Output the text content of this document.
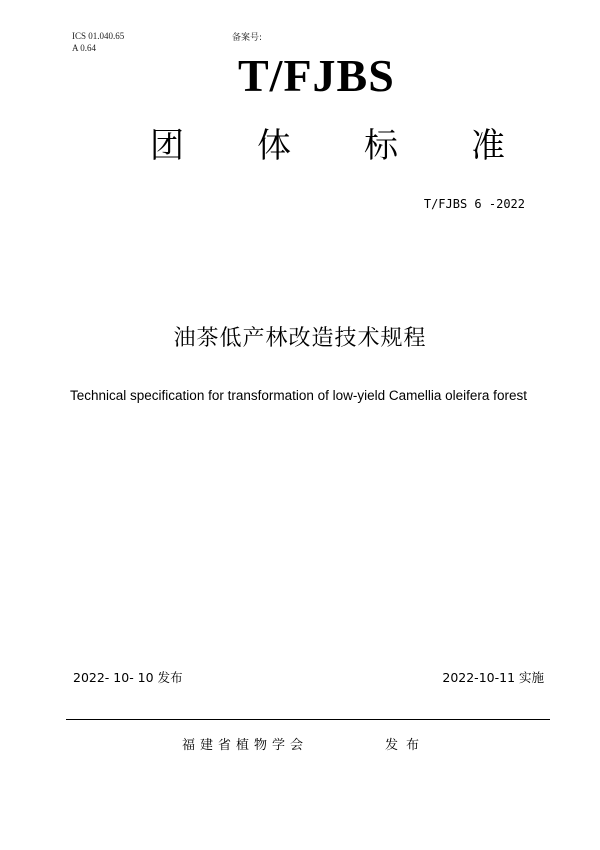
ICS 01.040.65
A 0.64
备案号:
T/FJBS
团 体 标 准
T/FJBS 6 -2022
油茶低产林改造技术规程
Technical specification for transformation of low-yield Camellia oleifera forest
2022- 10- 10 发布	2022-10-11 实施
福建省植物学会	发布
